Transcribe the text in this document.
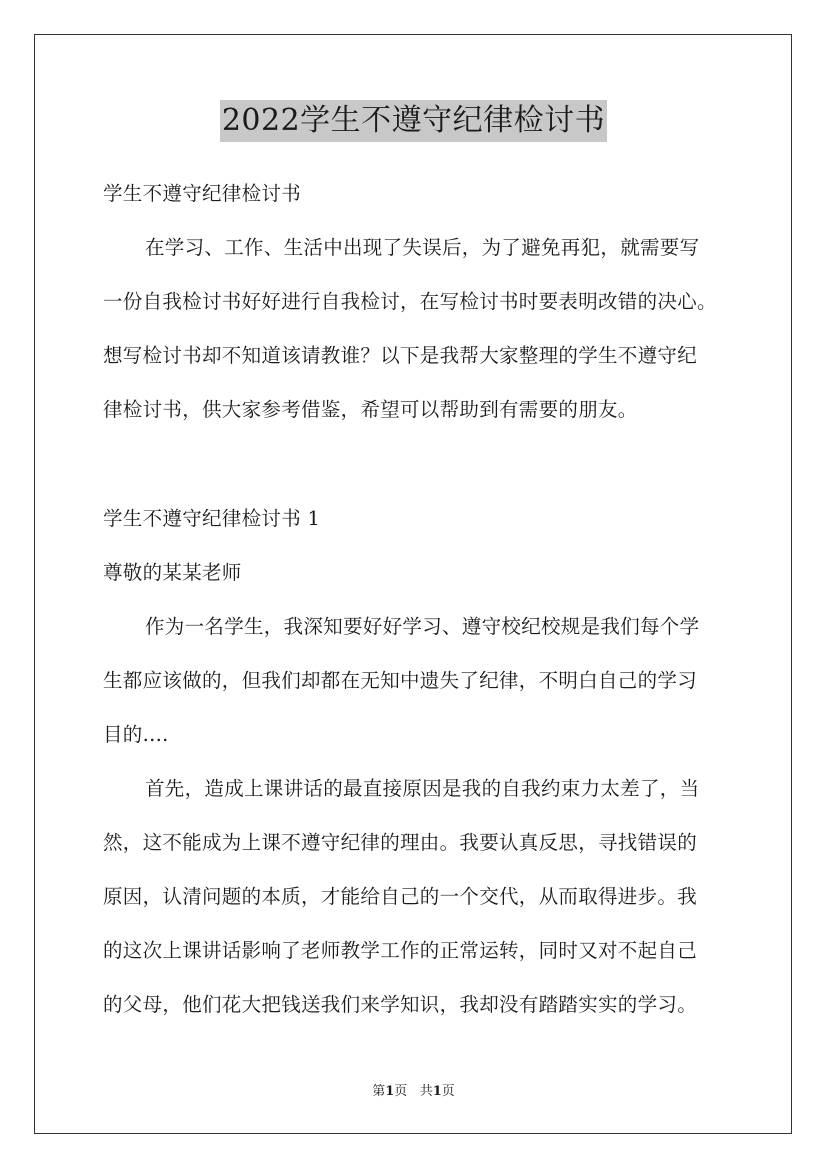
2022学生不遵守纪律检讨书
学生不遵守纪律检讨书
在学习、工作、生活中出现了失误后，为了避免再犯，就需要写
一份自我检讨书好好进行自我检讨，在写检讨书时要表明改错的决心。
想写检讨书却不知道该请教谁？以下是我帮大家整理的学生不遵守纪
律检讨书，供大家参考借鉴，希望可以帮助到有需要的朋友。
学生不遵守纪律检讨书 1
尊敬的某某老师
作为一名学生，我深知要好好学习、遵守校纪校规是我们每个学
生都应该做的，但我们却都在无知中遗失了纪律，不明白自己的学习
目的....
首先，造成上课讲话的最直接原因是我的自我约束力太差了，当
然，这不能成为上课不遵守纪律的理由。我要认真反思，寻找错误的
原因，认清问题的本质，才能给自己的一个交代，从而取得进步。我
的这次上课讲话影响了老师教学工作的正常运转，同时又对不起自己
的父母，他们花大把钱送我们来学知识，我却没有踏踏实实的学习。
第1页   共1页
